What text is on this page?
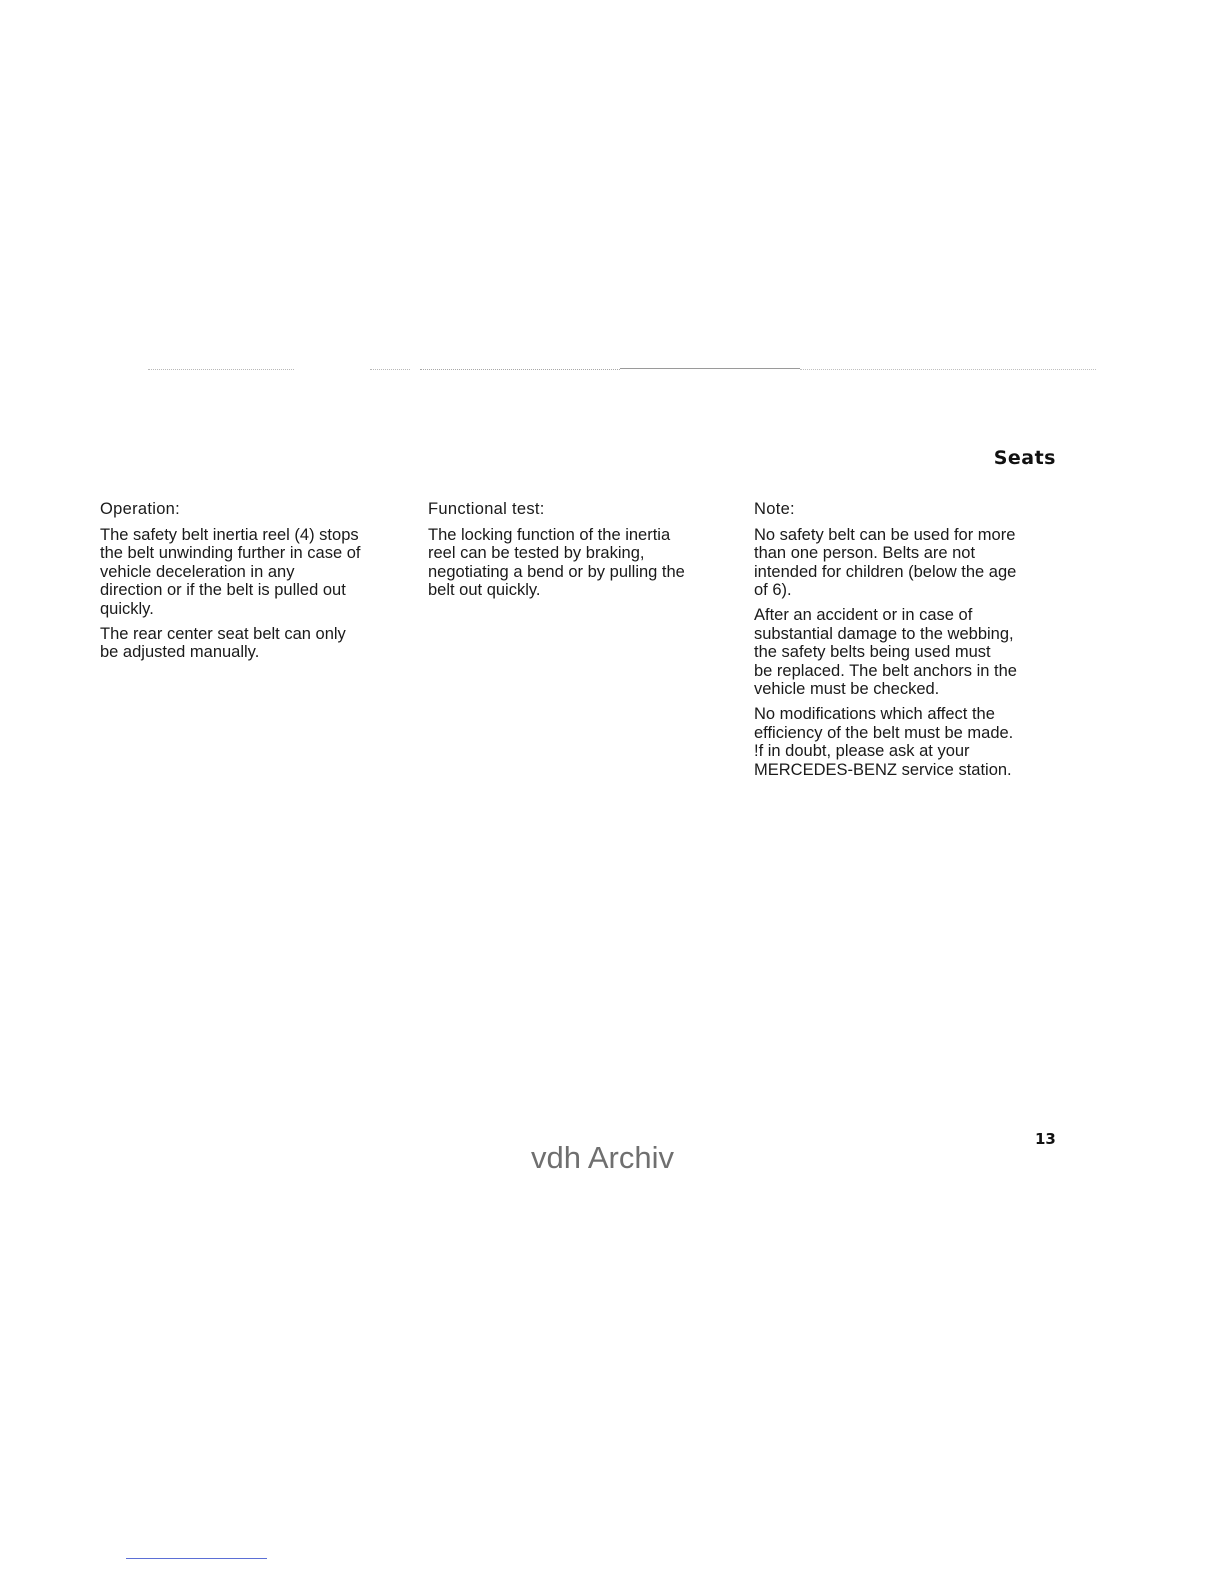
Seats
Operation:

The safety belt inertia reel (4) stops
the belt unwinding further in case of
vehicle deceleration in any
direction or if the belt is pulled out
quickly.

The rear center seat belt can only
be adjusted manually.

Functional test:

The locking function of the inertia
reel can be tested by braking,
negotiating a bend or by pulling the
belt out quickly.

Note:

No safety belt can be used for more
than one person. Belts are not
intended for children (below the age
of 6).

After an accident or in case of
substantial damage to the webbing,
the safety belts being used must
be replaced. The belt anchors in the
vehicle must be checked.

No modifications which affect the
efficiency of the belt must be made.
!f in doubt, please ask at your
MERCEDES-BENZ service station.

13
vdh Archiv
